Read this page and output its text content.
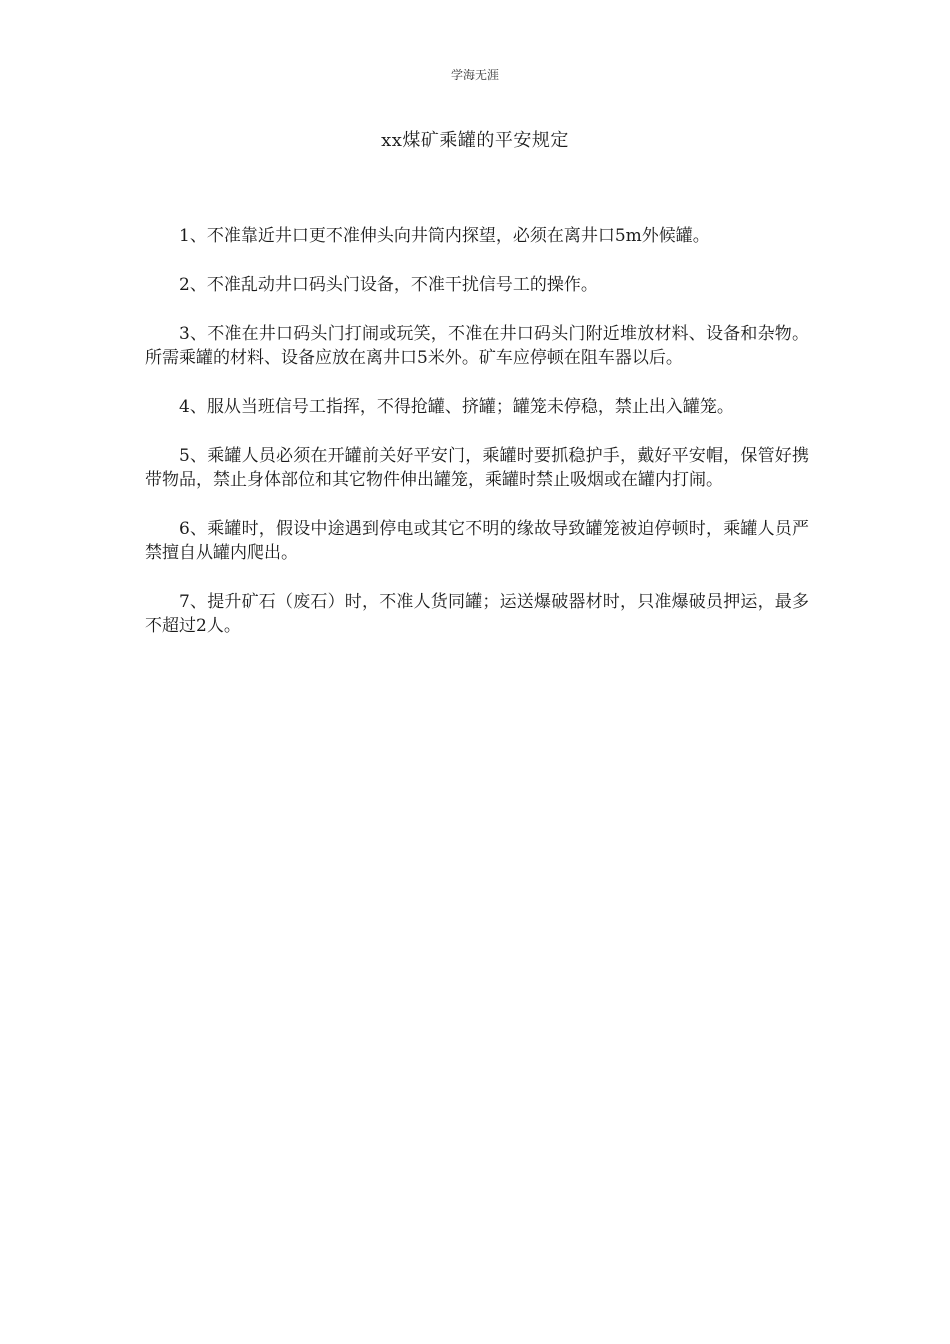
学海无涯
xx煤矿乘罐的平安规定

1、不准靠近井口更不准伸头向井筒内探望，必须在离井口5m外候罐。

2、不准乱动井口码头门设备，不准干扰信号工的操作。

3、不准在井口码头门打闹或玩笑，不准在井口码头门附近堆放材料、设备和杂物。所需乘罐的材料、设备应放在离井口5米外。矿车应停顿在阻车器以后。

4、服从当班信号工指挥，不得抢罐、挤罐；罐笼未停稳，禁止出入罐笼。

5、乘罐人员必须在开罐前关好平安门，乘罐时要抓稳护手，戴好平安帽，保管好携带物品，禁止身体部位和其它物件伸出罐笼，乘罐时禁止吸烟或在罐内打闹。

6、乘罐时，假设中途遇到停电或其它不明的缘故导致罐笼被迫停顿时，乘罐人员严禁擅自从罐内爬出。

7、提升矿石（废石）时，不准人货同罐；运送爆破器材时，只准爆破员押运，最多不超过2人。
